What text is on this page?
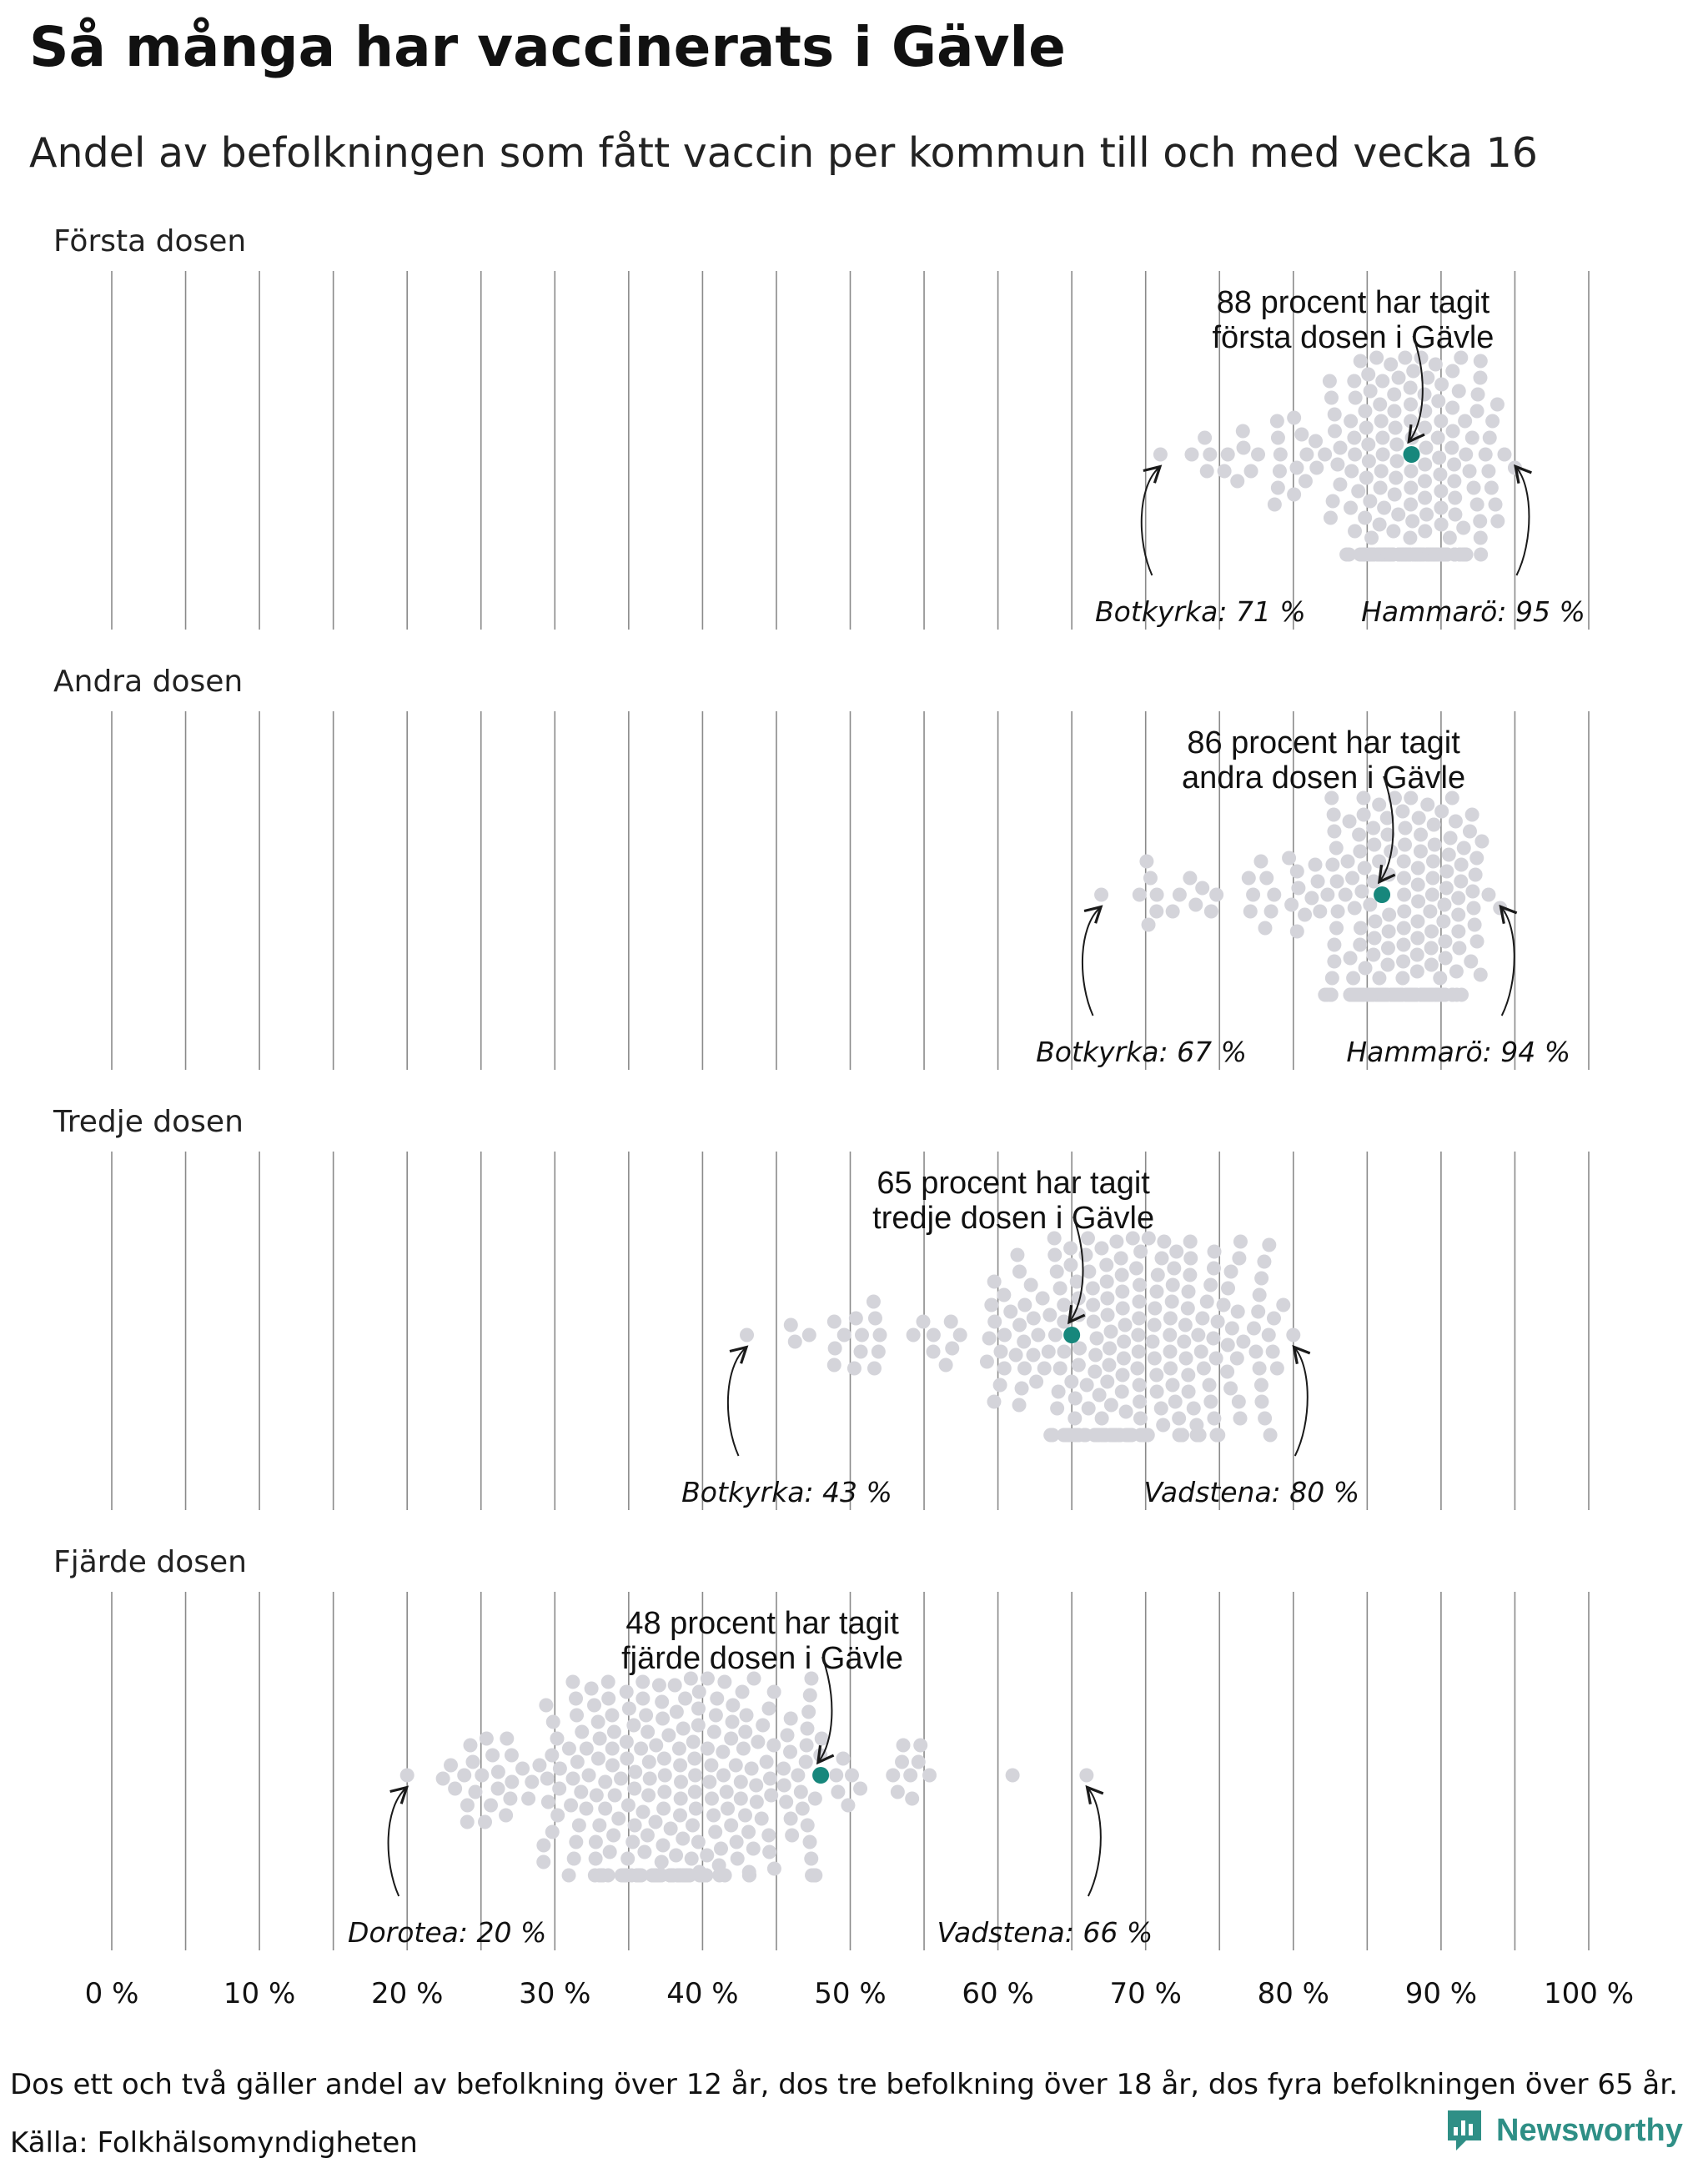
Så många har vaccinerats i Gävle
Andel av befolkningen som fått vaccin per kommun till och med vecka 16
Första dosen
88 procent har tagit
första dosen i Gävle
Botkyrka: 71 % Hammarö: 95 %
Andra dosen
86 procent har tagit
andra dosen i Gävle
Botkyrka: 67 %	Hammarö: 94 %
Tredje dosen
65 procent har tagit
tredje dosen i Gävle
Botkyrka: 43 %	Vadstena: 80 %
Fjärde dosen
48 procent har tagit
fjärde dosen i Gävle
Dorotea: 20 %	Vadstena: 66 %
0 %	10 %	20 %	30 %	40 %	50 %	60 %	70 %	80 %	90 % 100 %
Dos ett och två gäller andel av befolkning över 12 år, dos tre befolkning över 18 år, dos fyra befolkningen över 65 år.
Källa: Folkhälsomyndigheten	Newsworthy
